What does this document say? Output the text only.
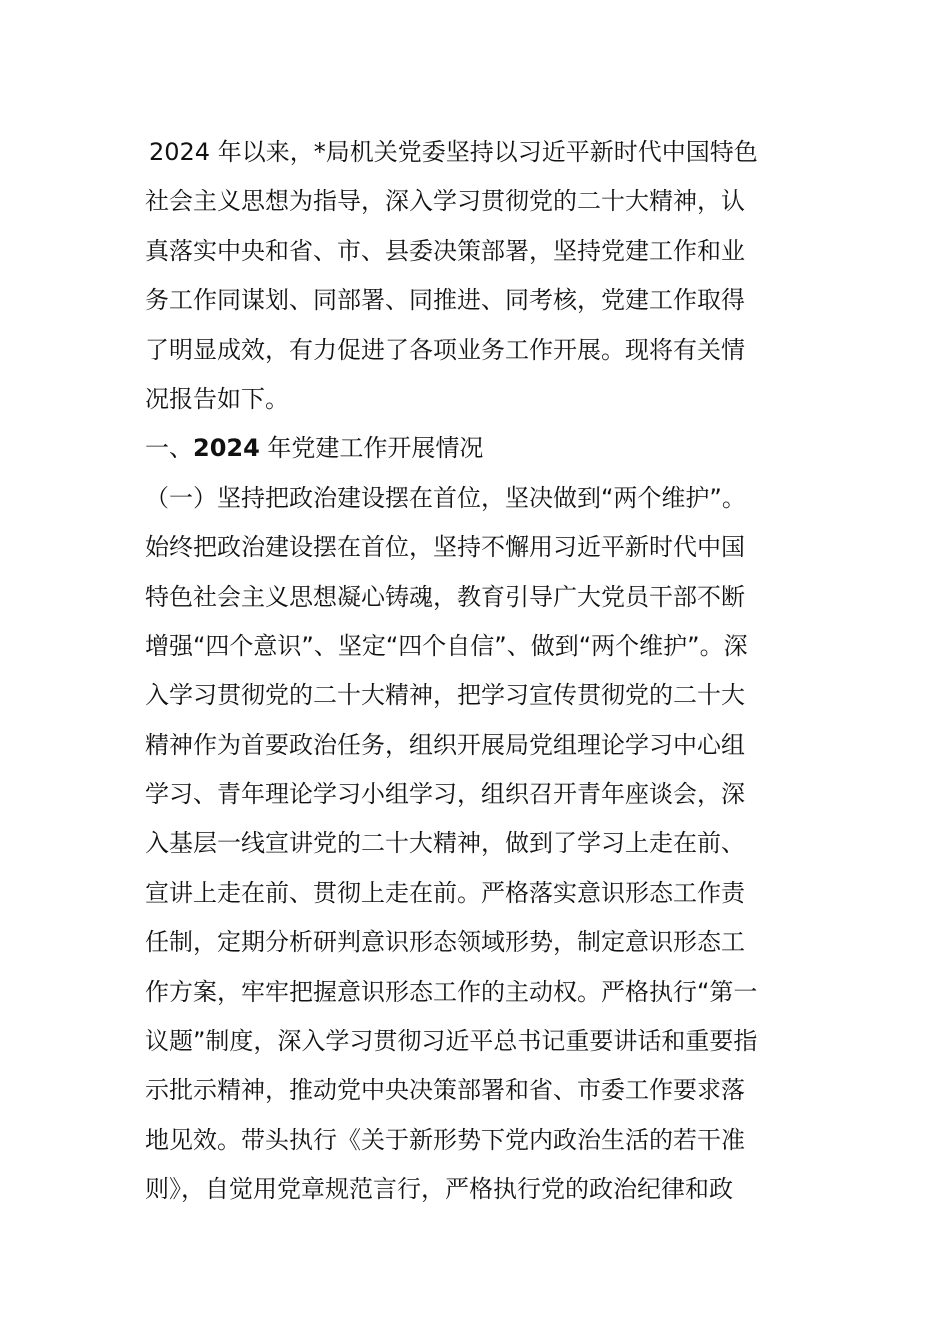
2024 年以来，*局机关党委坚持以习近平新时代中国特色
社会主义思想为指导，深入学习贯彻党的二十大精神，认
真落实中央和省、市、县委决策部署，坚持党建工作和业
务工作同谋划、同部署、同推进、同考核，党建工作取得
了明显成效，有力促进了各项业务工作开展。现将有关情
况报告如下。
一、2024 年党建工作开展情况
（一）坚持把政治建设摆在首位，坚决做到“两个维护”。
始终把政治建设摆在首位，坚持不懈用习近平新时代中国
特色社会主义思想凝心铸魂，教育引导广大党员干部不断
增强“四个意识”、坚定“四个自信”、做到“两个维护”。深
入学习贯彻党的二十大精神，把学习宣传贯彻党的二十大
精神作为首要政治任务，组织开展局党组理论学习中心组
学习、青年理论学习小组学习，组织召开青年座谈会，深
入基层一线宣讲党的二十大精神，做到了学习上走在前、
宣讲上走在前、贯彻上走在前。严格落实意识形态工作责
任制，定期分析研判意识形态领域形势，制定意识形态工
作方案，牢牢把握意识形态工作的主动权。严格执行“第一
议题”制度，深入学习贯彻习近平总书记重要讲话和重要指
示批示精神，推动党中央决策部署和省、市委工作要求落
地见效。带头执行《关于新形势下党内政治生活的若干准
则》，自觉用党章规范言行，严格执行党的政治纪律和政
